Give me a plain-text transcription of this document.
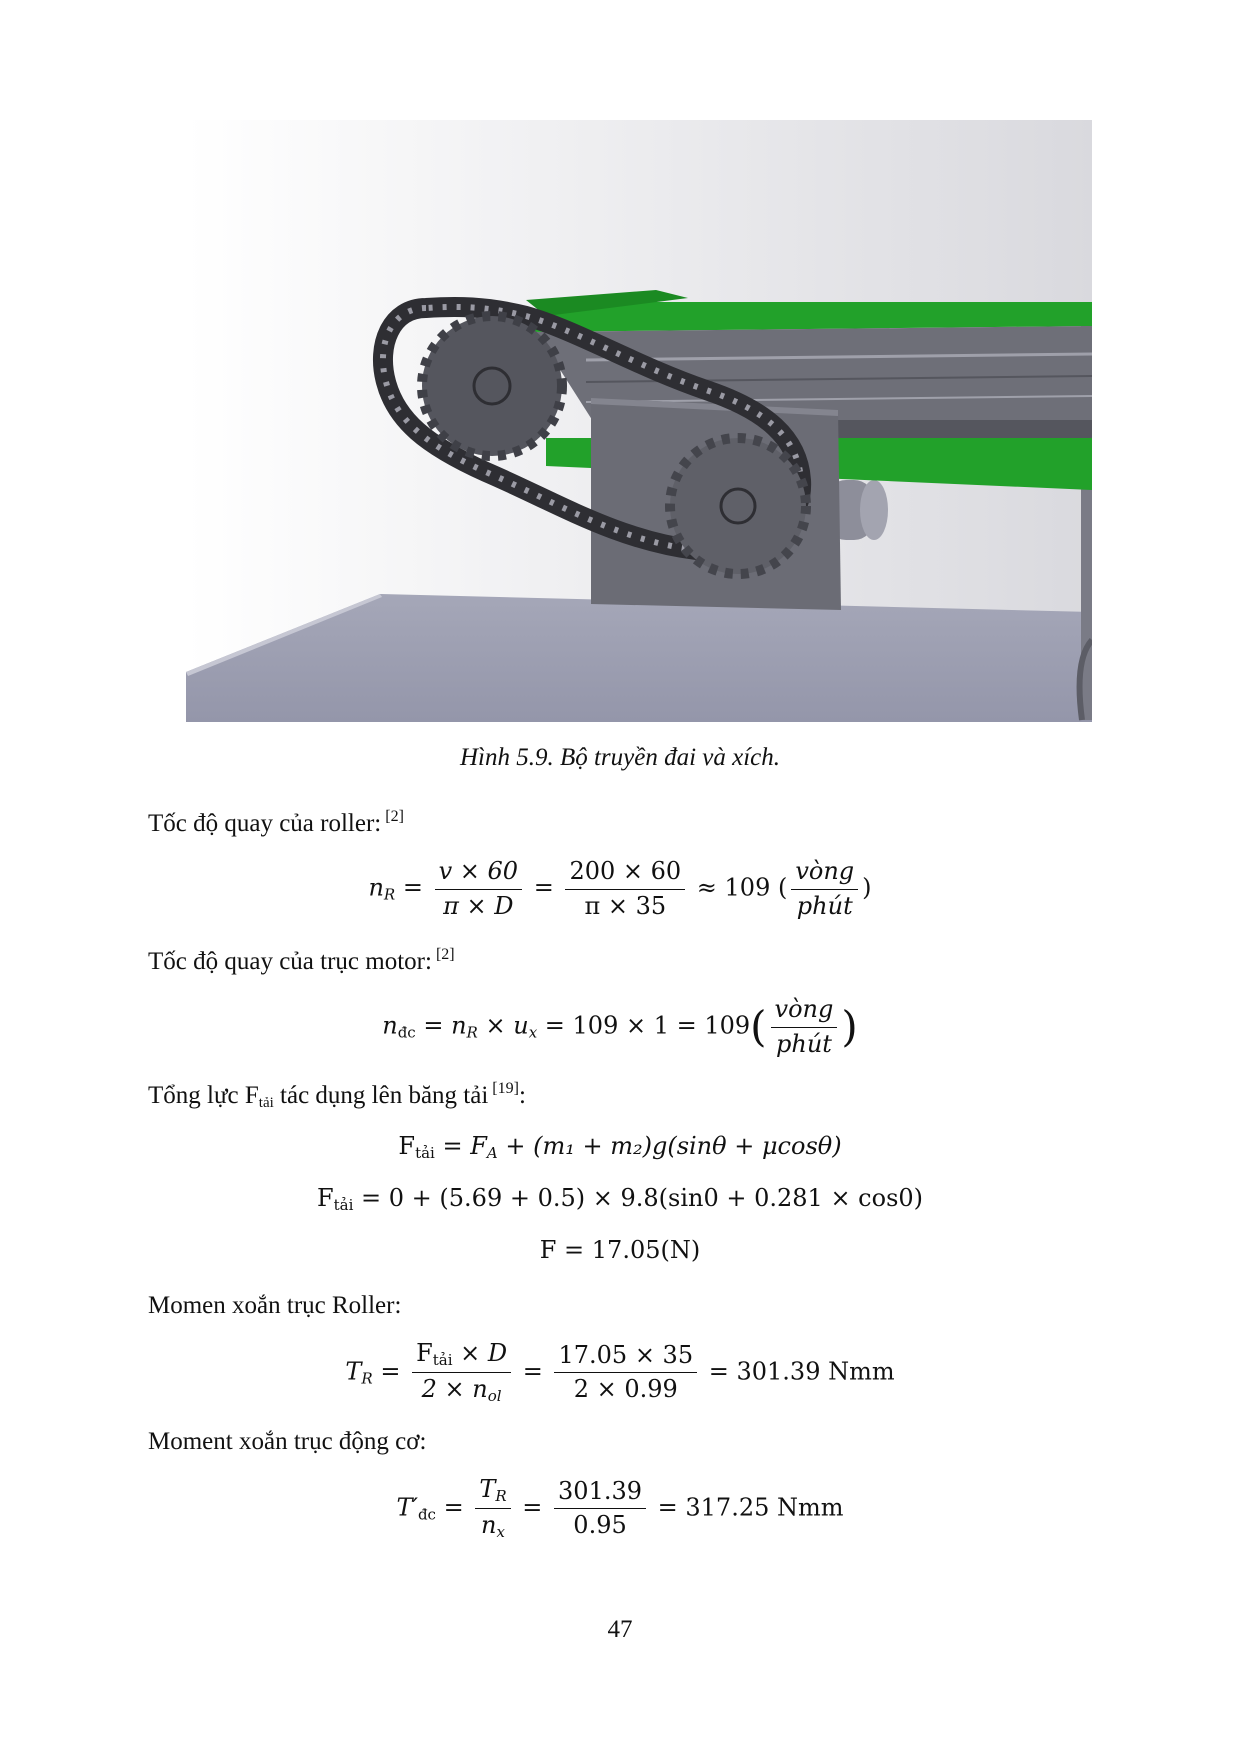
Hình 5.9. Bộ truyền đai và xích.
Tốc độ quay của roller: [2]
$n_R = \frac{v \times 60}{\pi \times D} = \frac{200 \times 60}{\pi \times 35} \approx 109$ ( $\frac{\text{vòng}}{\text{phút}}$ )
Tốc độ quay của trục motor: [2]
$n_{đc} = n_R \times u_x = 109 \times 1 = 109( \frac{\text{vòng}}{\text{phút}}$ )
Tổng lực $F_{tải}$ tác dụng lên băng tải [19]:
$F_{tải} = F_A + (m_1 + m_2)g(\sin\theta + \mu\cos\theta)$
$F_{tải} = 0 + (5.69 + 0.5) \times 9.8(\sin 0 + 0.281 \times \cos 0)$
F = 17.05(N)
Momen xoắn trục Roller:
$T_R = \frac{F_{tải} \times D}{2 \times n_{ol}} = \frac{17.05 \times 35}{2 \times 0.99} = 301.39$ Nmm
Moment xoắn trục động cơ:
$T'_{đc} = \frac{T_R}{n_x} = \frac{301.39}{0.95} = 317.25$ Nmm
47
